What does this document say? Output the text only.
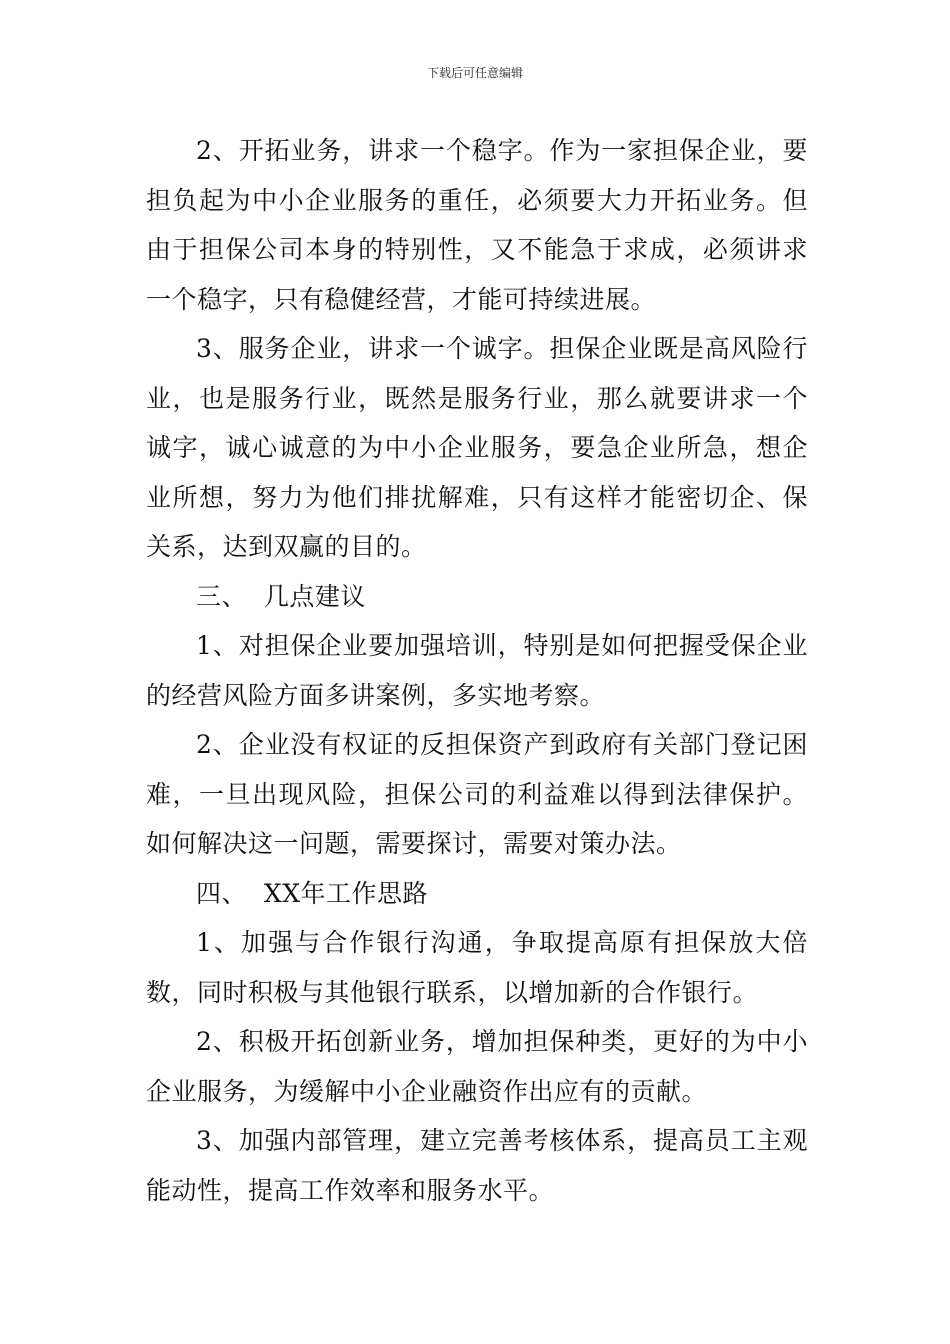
下载后可任意编辑

2、开拓业务，讲求一个稳字。作为一家担保企业，要担负起为中小企业服务的重任，必须要大力开拓业务。但由于担保公司本身的特别性，又不能急于求成，必须讲求一个稳字，只有稳健经营，才能可持续进展。

3、服务企业，讲求一个诚字。担保企业既是高风险行业，也是服务行业，既然是服务行业，那么就要讲求一个诚字，诚心诚意的为中小企业服务，要急企业所急，想企业所想，努力为他们排扰解难，只有这样才能密切企、保关系，达到双赢的目的。

三、  几点建议

1、对担保企业要加强培训，特别是如何把握受保企业的经营风险方面多讲案例，多实地考察。

2、企业没有权证的反担保资产到政府有关部门登记困难，一旦出现风险，担保公司的利益难以得到法律保护。如何解决这一问题，需要探讨，需要对策办法。

四、  XX年工作思路

1、加强与合作银行沟通，争取提高原有担保放大倍数，同时积极与其他银行联系，以增加新的合作银行。

2、积极开拓创新业务，增加担保种类，更好的为中小企业服务，为缓解中小企业融资作出应有的贡献。

3、加强内部管理，建立完善考核体系，提高员工主观能动性，提高工作效率和服务水平。
